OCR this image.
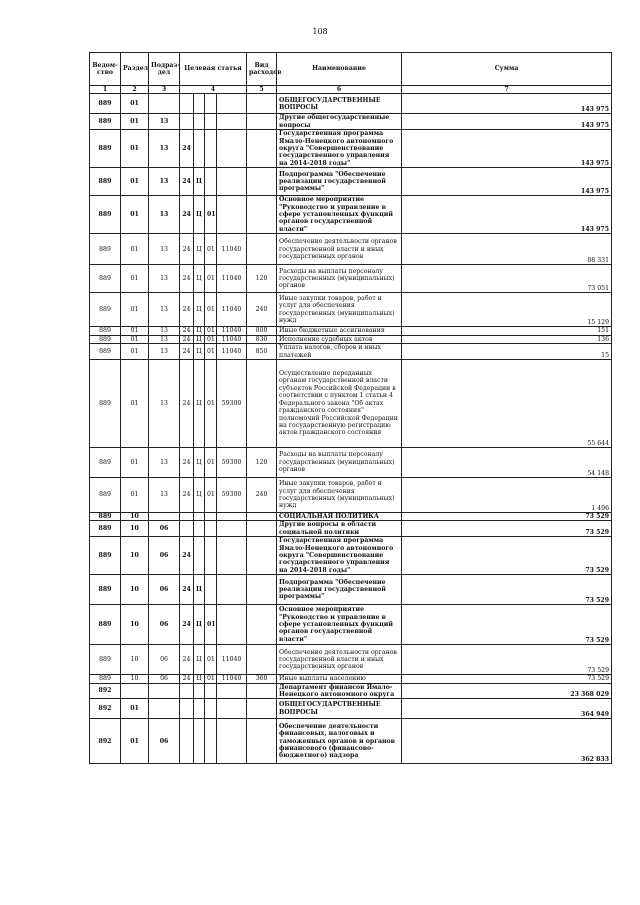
108
Ведом-ство	Раздел	Подраз-дел	Целевая статья				Вид расходов	Наименование	Сумма
1	2	3	4				5	6	7
889	01							ОБЩЕГОСУДАРСТВЕННЫЕ ВОПРОСЫ	143 975
889	01	13						Другие общегосударственные вопросы	143 975
889	01	13	24					Государственная программа Ямало-Ненецкого автономного округа "Совершенствование государственного управления на 2014-2018 годы"	143 975
889	01	13	24	Ц				Подпрограмма "Обеспечение реализации государственной программы"	143 975
889	01	13	24	Ц	01			Основное мероприятие "Руководство и управление в сфере установленных функций органов государственной власти"	143 975
889	01	13	24	Ц	01	11040		Обеспечение деятельности органов государственной власти и иных государственных органов	88 331
889	01	13	24	Ц	01	11040	120	Расходы на выплаты персоналу государственных (муниципальных) органов	73 051
889	01	13	24	Ц	01	11040	240	Иные закупки товаров, работ и услуг для обеспечения государственных (муниципальных) нужд	15 129
889	01	13	24	Ц	01	11040	800	Иные бюджетные ассигнования	151
889	01	13	24	Ц	01	11040	830	Исполнение судебных актов	136
889	01	13	24	Ц	01	11040	850	Уплата налогов, сборов и иных платежей	15
889	01	13	24	Ц	01	59300		Осуществление переданных органам государственной власти субъектов Российской Федерации в соответствии с пунктом 1 статьи 4 Федерального закона "Об актах гражданского состояния" полномочий Российской Федерации на государственную регистрацию актов гражданского состояния	55 644
889	01	13	24	Ц	01	59300	120	Расходы на выплаты персоналу государственных (муниципальных) органов	54 148
889	01	13	24	Ц	01	59300	240	Иные закупки товаров, работ и услуг для обеспечения государственных (муниципальных) нужд	1 496
889	10							СОЦИАЛЬНАЯ ПОЛИТИКА	73 529
889	10	06						Другие вопросы в области социальной политики	73 529
889	10	06	24					Государственная программа Ямало-Ненецкого автономного округа "Совершенствование государственного управления на 2014-2018 годы"	73 529
889	10	06	24	Ц				Подпрограмма "Обеспечение реализации государственной программы"	73 529
889	10	06	24	Ц	01			Основное мероприятие "Руководство и управление в сфере установленных функций органов государственной власти"	73 529
889	10	06	24	Ц	01	11040		Обеспечение деятельности органов государственной власти и иных государственных органов	73 529
889	10	06	24	Ц	01	11040	360	Иные выплаты населению	73 529
892								Департамент финансов Ямало-Ненецкого автономного округа	23 368 029
892	01							ОБЩЕГОСУДАРСТВЕННЫЕ ВОПРОСЫ	364 949
892	01	06						Обеспечение деятельности финансовых, налоговых и таможенных органов и органов финансового (финансово-бюджетного) надзора	362 833
